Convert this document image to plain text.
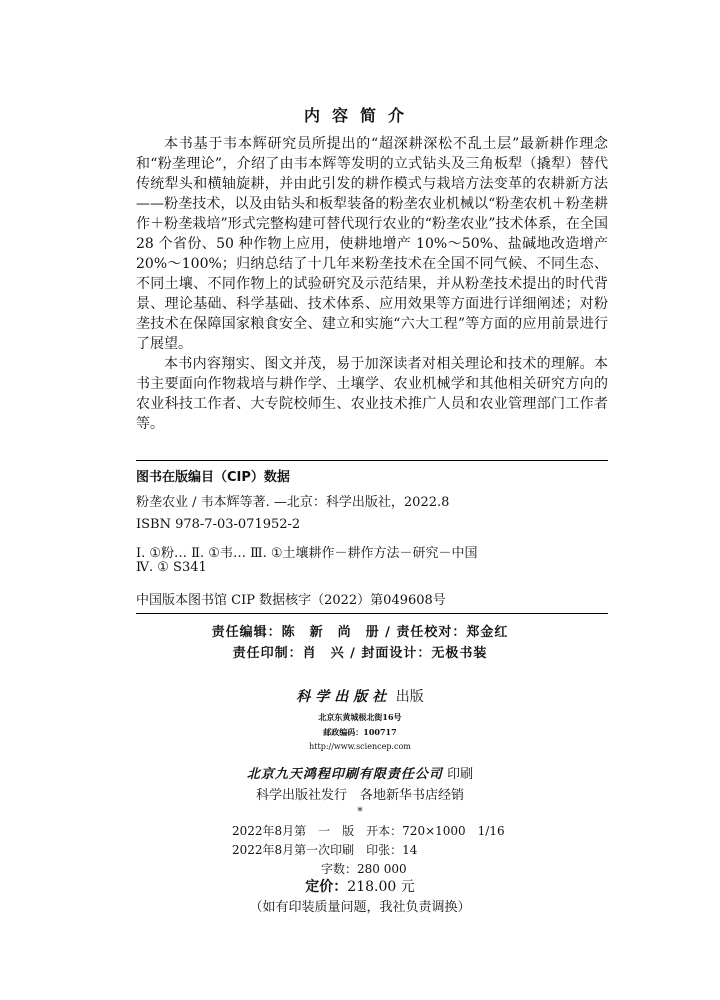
内容简介

本书基于韦本辉研究员所提出的“超深耕深松不乱土层”最新耕作理念和“粉垄理论”，介绍了由韦本辉等发明的立式钻头及三角板犁（撬犁）替代传统犁头和横轴旋耕，并由此引发的耕作模式与栽培方法变革的农耕新方法——粉垄技术，以及由钻头和板犁装备的粉垄农业机械以“粉垄农机＋粉垄耕作＋粉垄栽培”形式完整构建可替代现行农业的“粉垄农业”技术体系，在全国 28 个省份、50 种作物上应用，使耕地增产 10%～50%、盐碱地改造增产 20%～100%；归纳总结了十几年来粉垄技术在全国不同气候、不同生态、不同土壤、不同作物上的试验研究及示范结果，并从粉垄技术提出的时代背景、理论基础、科学基础、技术体系、应用效果等方面进行详细阐述；对粉垄技术在保障国家粮食安全、建立和实施“六大工程”等方面的应用前景进行了展望。

本书内容翔实、图文并茂，易于加深读者对相关理论和技术的理解。本书主要面向作物栽培与耕作学、土壤学、农业机械学和其他相关研究方向的农业科技工作者、大专院校师生、农业技术推广人员和农业管理部门工作者等。

图书在版编目（CIP）数据
粉垄农业 / 韦本辉等著. —北京：科学出版社，2022.8
ISBN 978-7-03-071952-2
Ⅰ. ①粉… Ⅱ. ①韦… Ⅲ. ①土壤耕作－耕作方法－研究－中国
Ⅳ. ① S341
中国版本图书馆 CIP 数据核字（2022）第049608号
责任编辑：陈　新　尚　册 / 责任校对：郑金红
责任印制：肖　兴 / 封面设计：无极书装
科学出版社 出版
北京东黄城根北街16号
邮政编码：100717
http://www.sciencep.com
北京九天鸿程印刷有限责任公司 印刷
科学出版社发行　各地新华书店经销
*
2022年8月第　一　版　开本：720×1000　1/16
2022年8月第一次印刷　印张：14
字数：280 000
定价：218.00 元
（如有印装质量问题，我社负责调换）
